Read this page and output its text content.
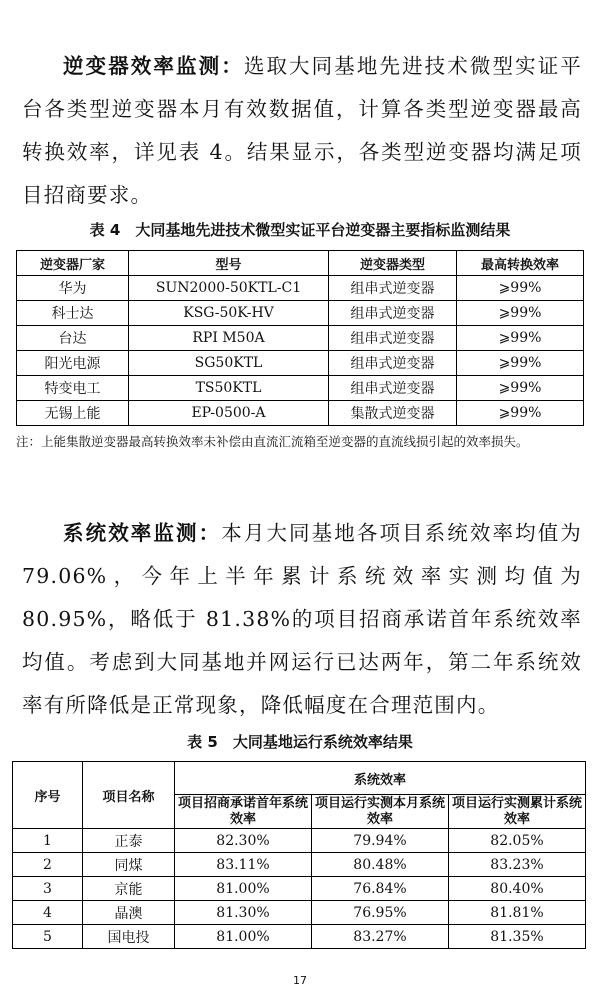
逆变器效率监测：选取大同基地先进技术微型实证平台各类型逆变器本月有效数据值，计算各类型逆变器最高转换效率，详见表 4。结果显示，各类型逆变器均满足项目招商要求。

表 4　大同基地先进技术微型实证平台逆变器主要指标监测结果

逆变器厂家	型号	逆变器类型	最高转换效率
华为	SUN2000-50KTL-C1	组串式逆变器	⩾99%
科士达	KSG-50K-HV	组串式逆变器	⩾99%
台达	RPI M50A	组串式逆变器	⩾99%
阳光电源	SG50KTL	组串式逆变器	⩾99%
特变电工	TS50KTL	组串式逆变器	⩾99%
无锡上能	EP-0500-A	集散式逆变器	⩾99%

注：上能集散逆变器最高转换效率未补偿由直流汇流箱至逆变器的直流线损引起的效率损失。

系统效率监测：本月大同基地各项目系统效率均值为 79.06%，今年上半年累计系统效率实测均值为 80.95%，略低于 81.38%的项目招商承诺首年系统效率均值。考虑到大同基地并网运行已达两年，第二年系统效率有所降低是正常现象，降低幅度在合理范围内。

表 5　大同基地运行系统效率结果

序号	项目名称	系统效率		
		项目招商承诺首年系统效率	项目运行实测本月系统效率	项目运行实测累计系统效率
1	正泰	82.30%	79.94%	82.05%
2	同煤	83.11%	80.48%	83.23%
3	京能	81.00%	76.84%	80.40%
4	晶澳	81.30%	76.95%	81.81%
5	国电投	81.00%	83.27%	81.35%

17
